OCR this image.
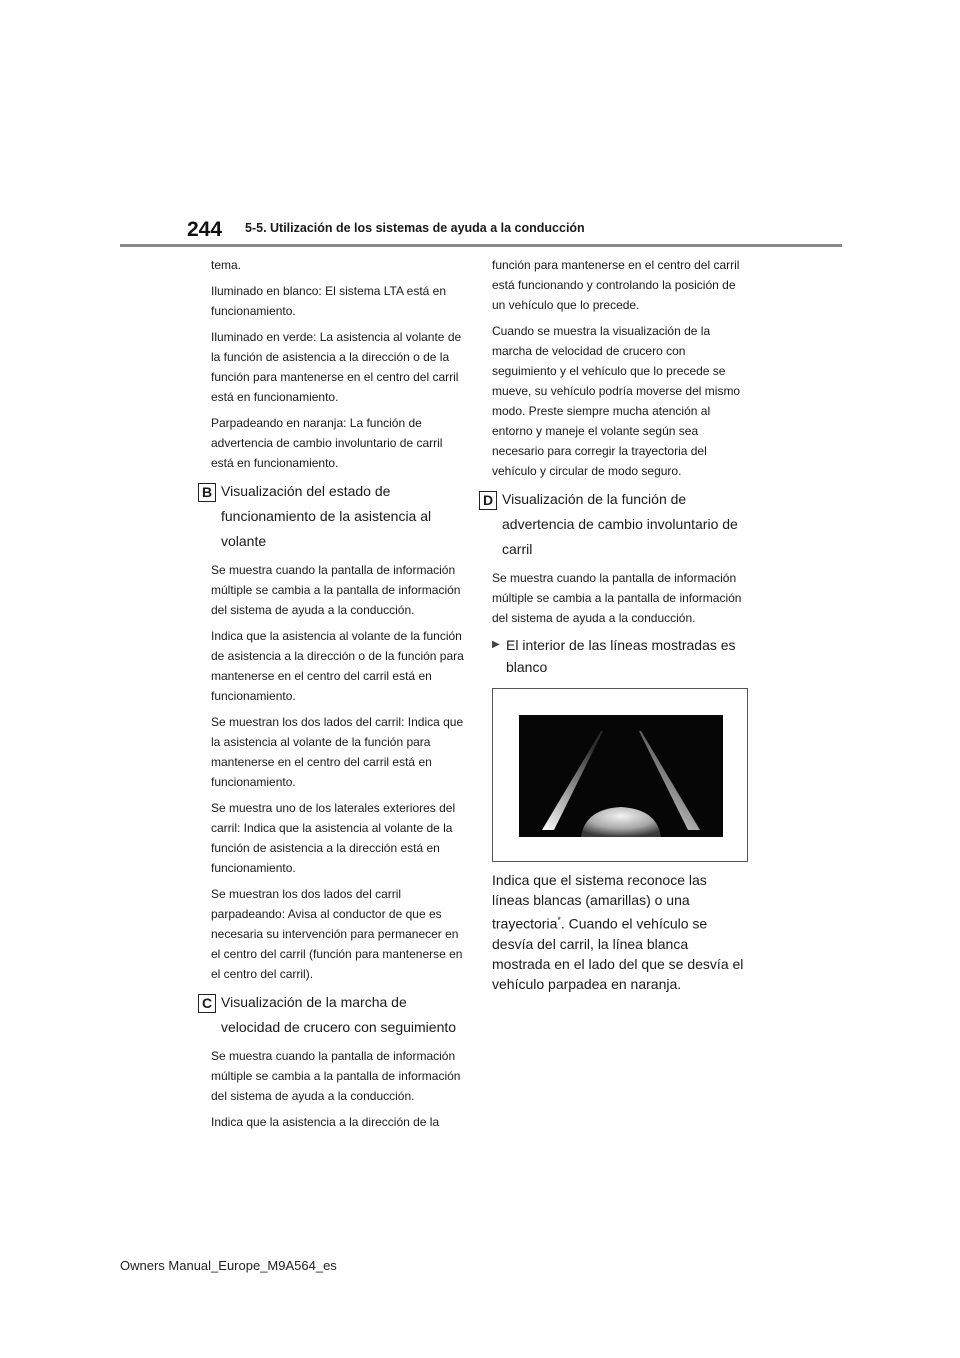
244 5-5. Utilización de los sistemas de ayuda a la conducción

tema.

Iluminado en blanco: El sistema LTA está en funcionamiento.

Iluminado en verde: La asistencia al volante de la función de asistencia a la dirección o de la función para mantenerse en el centro del carril está en funcionamiento.

Parpadeando en naranja: La función de advertencia de cambio involuntario de carril está en funcionamiento.

B Visualización del estado de funcionamiento de la asistencia al volante

Se muestra cuando la pantalla de información múltiple se cambia a la pantalla de información del sistema de ayuda a la conducción.

Indica que la asistencia al volante de la función de asistencia a la dirección o de la función para mantenerse en el centro del carril está en funcionamiento.

Se muestran los dos lados del carril: Indica que la asistencia al volante de la función para mantenerse en el centro del carril está en funcionamiento.

Se muestra uno de los laterales exteriores del carril: Indica que la asistencia al volante de la función de asistencia a la dirección está en funcionamiento.

Se muestran los dos lados del carril parpadeando: Avisa al conductor de que es necesaria su intervención para permanecer en el centro del carril (función para mantenerse en el centro del carril).

C Visualización de la marcha de velocidad de crucero con seguimiento

Se muestra cuando la pantalla de información múltiple se cambia a la pantalla de información del sistema de ayuda a la conducción.

Indica que la asistencia a la dirección de la

función para mantenerse en el centro del carril está funcionando y controlando la posición de un vehículo que lo precede.

Cuando se muestra la visualización de la marcha de velocidad de crucero con seguimiento y el vehículo que lo precede se mueve, su vehículo podría moverse del mismo modo. Preste siempre mucha atención al entorno y maneje el volante según sea necesario para corregir la trayectoria del vehículo y circular de modo seguro.

D Visualización de la función de advertencia de cambio involuntario de carril

Se muestra cuando la pantalla de información múltiple se cambia a la pantalla de información del sistema de ayuda a la conducción.

▶ El interior de las líneas mostradas es blanco

Indica que el sistema reconoce las líneas blancas (amarillas) o una trayectoria*. Cuando el vehículo se desvía del carril, la línea blanca mostrada en el lado del que se desvía el vehículo parpadea en naranja.

Owners Manual_Europe_M9A564_es
